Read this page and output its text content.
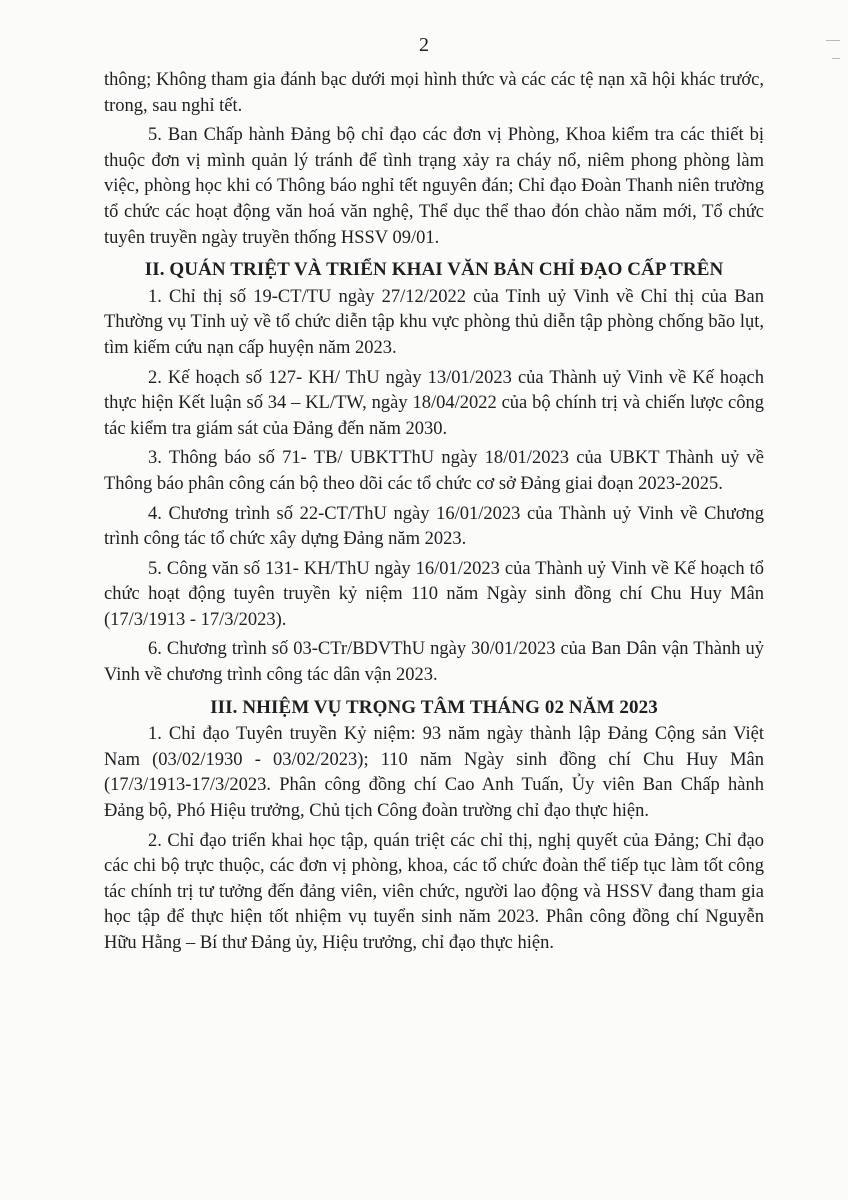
2
thông; Không tham gia đánh bạc dưới mọi hình thức và các các tệ nạn xã hội khác trước, trong, sau nghỉ tết.
5. Ban Chấp hành Đảng bộ chỉ đạo các đơn vị Phòng, Khoa kiểm tra các thiết bị thuộc đơn vị mình quản lý tránh để tình trạng xảy ra cháy nổ, niêm phong phòng làm việc, phòng học khi có Thông báo nghỉ tết nguyên đán; Chỉ đạo Đoàn Thanh niên trường tổ chức các hoạt động văn hoá văn nghệ, Thể dục thể thao đón chào năm mới, Tổ chức tuyên truyền ngày truyền thống HSSV 09/01.
II. QUÁN TRIỆT VÀ TRIỂN KHAI VĂN BẢN CHỈ ĐẠO CẤP TRÊN
1. Chỉ thị số 19-CT/TU ngày 27/12/2022 của Tỉnh uỷ Vinh về Chỉ thị của Ban Thường vụ Tỉnh uỷ về tổ chức diễn tập khu vực phòng thủ diễn tập phòng chống bão lụt, tìm kiếm cứu nạn cấp huyện năm 2023.
2. Kế hoạch số 127- KH/ ThU ngày 13/01/2023 của Thành uỷ Vinh về Kế hoạch thực hiện Kết luận số 34 – KL/TW, ngày 18/04/2022 của bộ chính trị và chiến lược công tác kiểm tra giám sát của Đảng đến năm 2030.
3. Thông báo số 71- TB/ UBKTThU ngày 18/01/2023 của UBKT Thành uỷ về Thông báo phân công cán bộ theo dõi các tổ chức cơ sở Đảng giai đoạn 2023-2025.
4. Chương trình số 22-CT/ThU ngày 16/01/2023 của Thành uỷ Vinh về Chương trình công tác tổ chức xây dựng Đảng năm 2023.
5. Công văn số 131- KH/ThU ngày 16/01/2023 của Thành uỷ Vinh về Kế hoạch tổ chức hoạt động tuyên truyền kỷ niệm 110 năm Ngày sinh đồng chí Chu Huy Mân (17/3/1913 - 17/3/2023).
6. Chương trình số 03-CTr/BDVThU ngày 30/01/2023 của Ban Dân vận Thành uỷ Vinh về chương trình công tác dân vận 2023.
III. NHIỆM VỤ TRỌNG TÂM THÁNG 02 NĂM 2023
1. Chỉ đạo Tuyên truyền Kỷ niệm: 93 năm ngày thành lập Đảng Cộng sản Việt Nam (03/02/1930 - 03/02/2023); 110 năm Ngày sinh đồng chí Chu Huy Mân (17/3/1913-17/3/2023. Phân công đồng chí Cao Anh Tuấn, Ủy viên Ban Chấp hành Đảng bộ, Phó Hiệu trưởng, Chủ tịch Công đoàn trường chỉ đạo thực hiện.
2. Chỉ đạo triển khai học tập, quán triệt các chỉ thị, nghị quyết của Đảng; Chỉ đạo các chi bộ trực thuộc, các đơn vị phòng, khoa, các tổ chức đoàn thể tiếp tục làm tốt công tác chính trị tư tưởng đến đảng viên, viên chức, người lao động và HSSV đang tham gia học tập để thực hiện tốt nhiệm vụ tuyển sinh năm 2023. Phân công đồng chí Nguyễn Hữu Hằng – Bí thư Đảng ủy, Hiệu trưởng, chỉ đạo thực hiện.
